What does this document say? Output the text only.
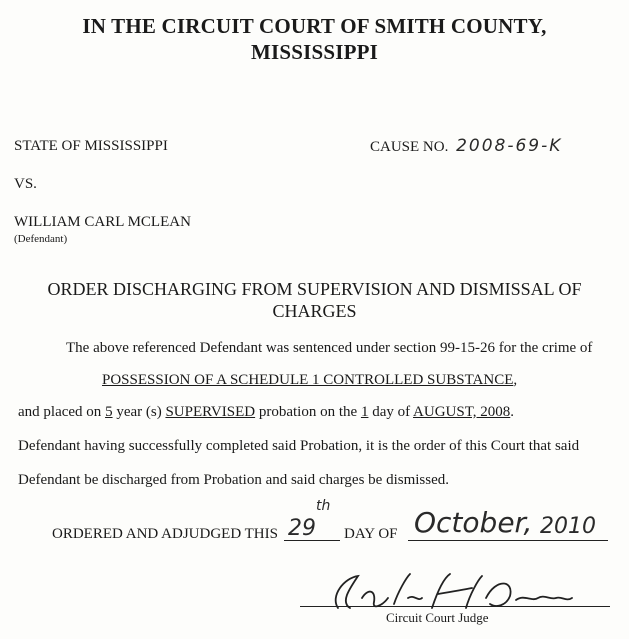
IN THE CIRCUIT COURT OF SMITH COUNTY,
MISSISSIPPI
STATE OF MISSISSIPPI	CAUSE NO. 2008-69-K
VS.
WILLIAM CARL MCLEAN
(Defendant)
ORDER DISCHARGING FROM SUPERVISION AND DISMISSAL OF
CHARGES
The above referenced Defendant was sentenced under section 99-15-26 for the crime of
POSSESSION OF A SCHEDULE 1 CONTROLLED SUBSTANCE,
and placed on 5 year (s) SUPERVISED probation on the 1 day of AUGUST, 2008.
Defendant having successfully completed said Probation, it is the order of this Court that said
Defendant be discharged from Probation and said charges be dismissed.
ORDERED AND ADJUDGED THIS 29
th
DAY OF October, 2010
Circuit Court Judge
